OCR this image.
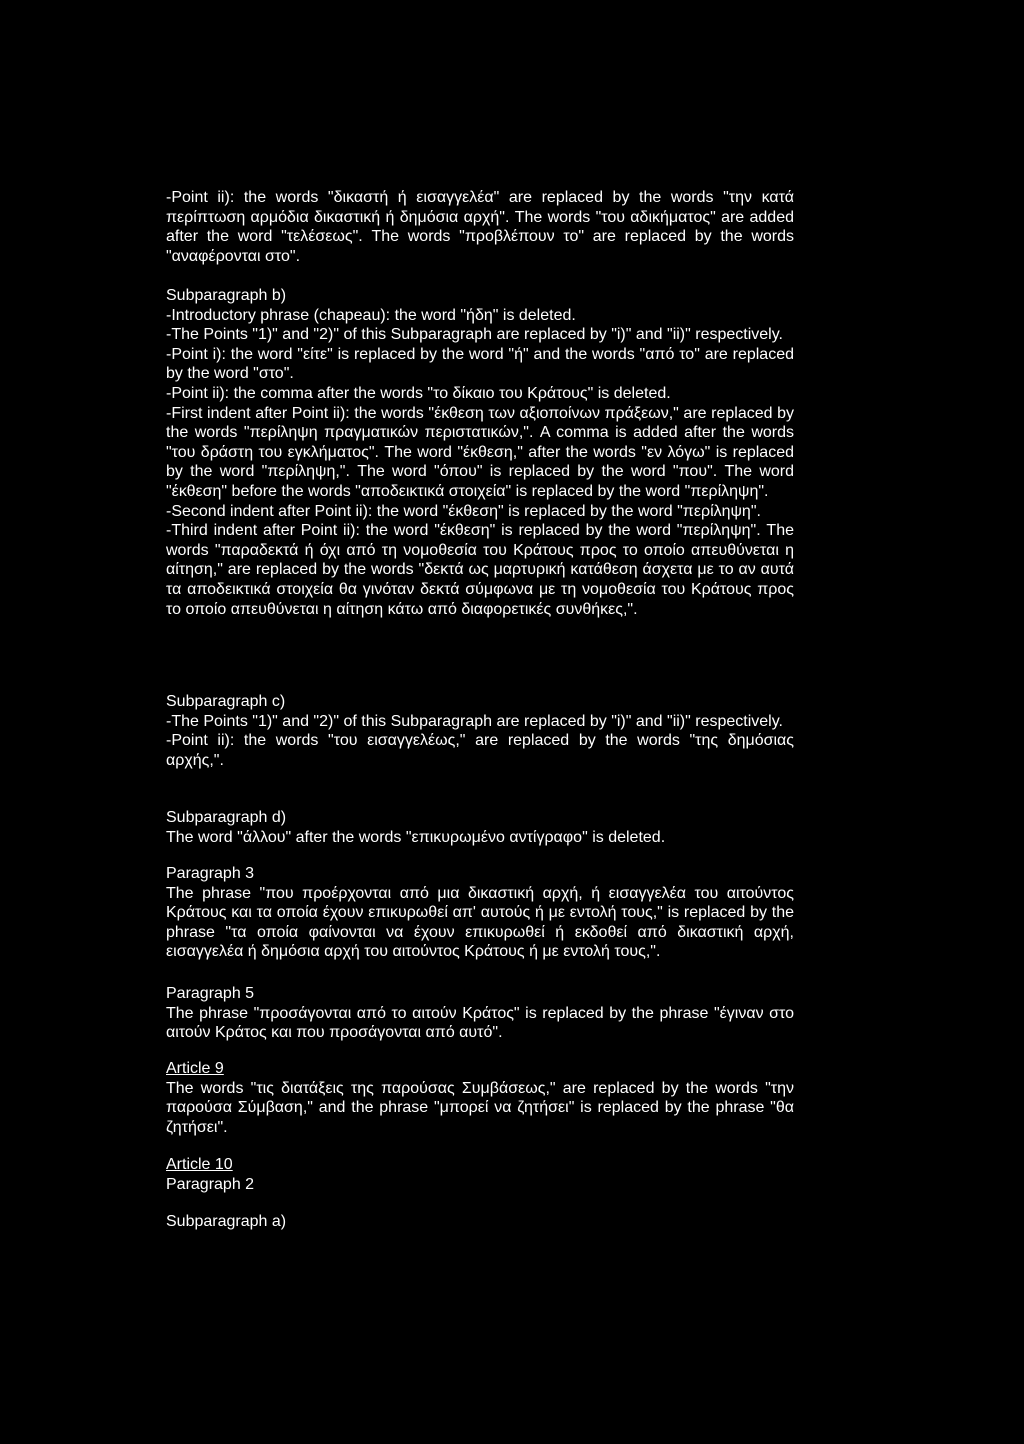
-Point ii): the words "δικαστή ή εισαγγελέα" are replaced by the words "την κατά περίπτωση αρμόδια δικαστική ή δημόσια αρχή". The words "του αδικήματος" are added after the word "τελέσεως". The words "προβλέπουν το" are replaced by the words "αναφέρονται στο".

Subparagraph b)

-Introductory phrase (chapeau): the word "ήδη" is deleted.

-The Points "1)" and "2)" of this Subparagraph are replaced by "i)" and "ii)" respectively.

-Point i): the word "είτε" is replaced by the word "ή" and the words "από το" are replaced by the word "στο".

-Point ii): the comma after the words "το δίκαιο του Κράτους" is deleted.

-First indent after Point ii): the words "έκθεση των αξιοποίνων πράξεων," are replaced by the words "περίληψη πραγματικών περιστατικών,". A comma is added after the words "του δράστη του εγκλήματος". The word "έκθεση," after the words "εν λόγω" is replaced by the word "περίληψη,". The word "όπου" is replaced by the word "που". The word "έκθεση" before the words "αποδεικτικά στοιχεία" is replaced by the word "περίληψη".

-Second indent after Point ii): the word "έκθεση" is replaced by the word "περίληψη".

-Third indent after Point ii): the word "έκθεση" is replaced by the word "περίληψη". The words "παραδεκτά ή όχι από τη νομοθεσία του Κράτους προς το οποίο απευθύνεται η αίτηση," are replaced by the words "δεκτά ως μαρτυρική κατάθεση άσχετα με το αν αυτά τα αποδεικτικά στοιχεία θα γινόταν δεκτά σύμφωνα με τη νομοθεσία του Κράτους προς το οποίο απευθύνεται η αίτηση κάτω από διαφορετικές συνθήκες,".

Subparagraph c)

-The Points "1)" and "2)" of this Subparagraph are replaced by "i)" and "ii)" respectively.

-Point ii): the words "του εισαγγελέως," are replaced by the words "της δημόσιας αρχής,".

Subparagraph d)

The word "άλλου" after the words "επικυρωμένο αντίγραφο" is deleted.

Paragraph 3

The phrase "που προέρχονται από μια δικαστική αρχή, ή εισαγγελέα του αιτούντος Κράτους και τα οποία έχουν επικυρωθεί απ' αυτούς ή με εντολή τους," is replaced by the phrase "τα οποία φαίνονται να έχουν επικυρωθεί ή εκδοθεί από δικαστική αρχή, εισαγγελέα ή δημόσια αρχή του αιτούντος Κράτους ή με εντολή τους,".

Paragraph 5

The phrase "προσάγονται από το αιτούν Κράτος" is replaced by the phrase "έγιναν στο αιτούν Κράτος και που προσάγονται από αυτό".

Article 9

The words "τις διατάξεις της παρούσας Συμβάσεως," are replaced by the words "την παρούσα Σύμβαση," and the phrase "μπορεί να ζητήσει" is replaced by the phrase "θα ζητήσει".

Article 10

Paragraph 2

Subparagraph a)
